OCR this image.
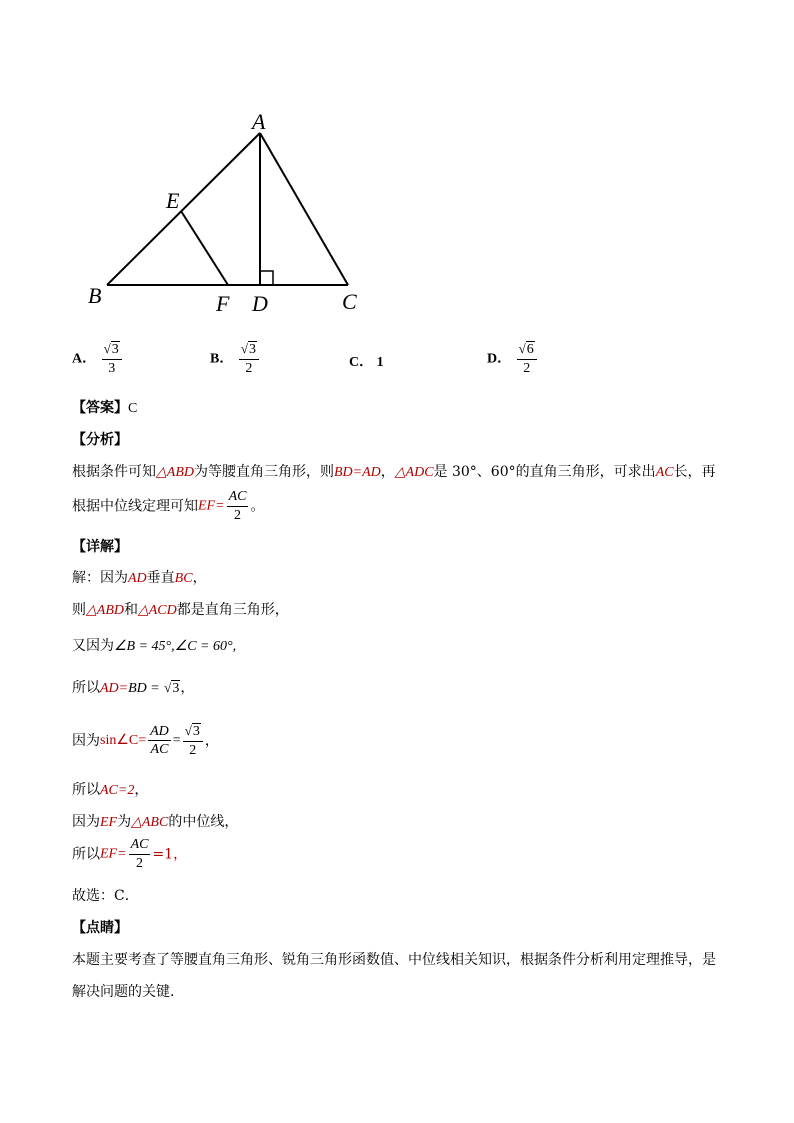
A
E
B	F D	C
A． $\frac{√3}{3}$	B． $\frac{√3}{2}$	C． 1	D． $\frac{√6}{2}$
【答案】C
【分析】
根据条件可知△ABD为等腰直角三角形，则BD=AD，△ADC是 30°、60°的直角三角形，可求出AC长，再
根据中位线定理可知$EF= \frac{AC}{2}$ 。
【详解】
解：因为AD垂直BC，
则△ABD和△ACD都是直角三角形，
又因为∠B = 45°,∠C = 60°,
所以AD=BD = √3，
因为sin∠C= $\frac{AD}{AC} = \frac{√3}{2}$ ，
所以AC=2，
因为EF为△ABC的中位线，
所以$EF= \frac{AC}{2} =1$，
故选：C．
【点睛】
本题主要考查了等腰直角三角形、锐角三角形函数值、中位线相关知识，根据条件分析利用定理推导，是
解决问题的关键．
